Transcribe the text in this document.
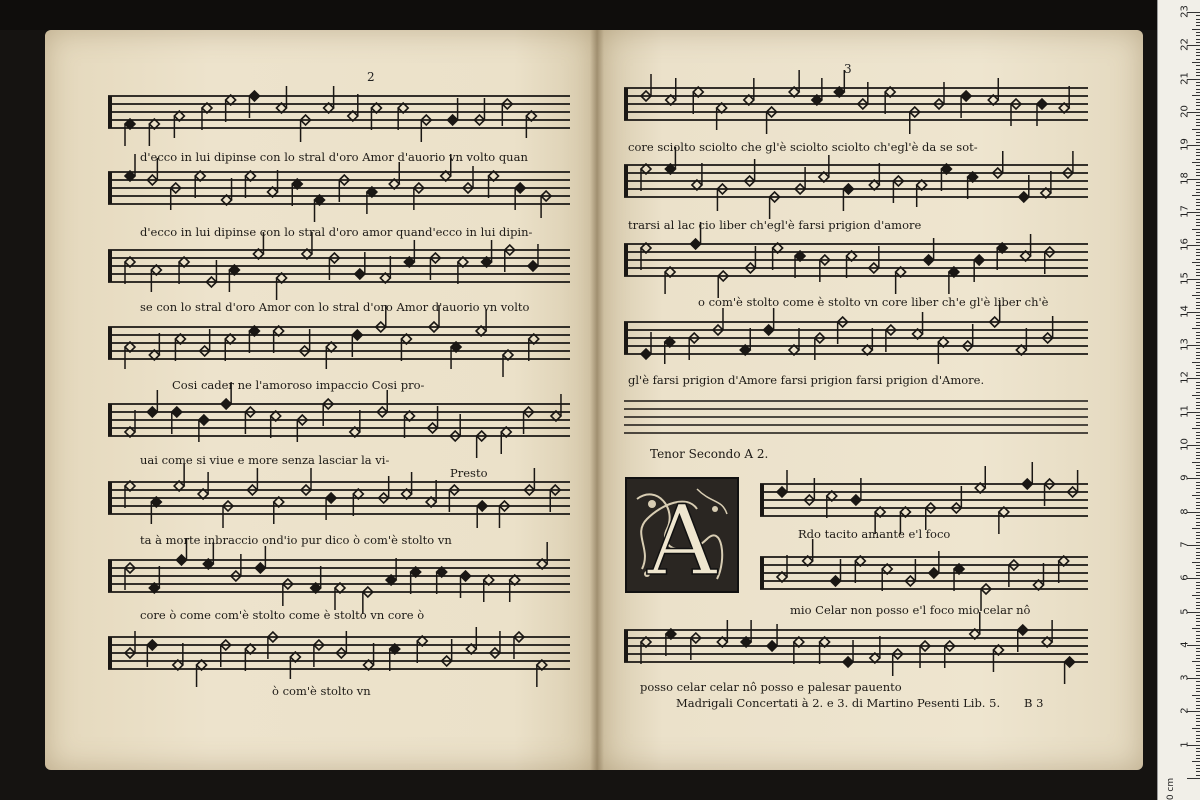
2
3
d'ecco in lui dipinse con lo stral d'oro Amor d'auorio vn volto quan
d'ecco in lui dipinse con lo stral d'oro amor quand'ecco in lui dipin-
se con lo stral d'oro Amor con lo stral d'oro Amor d'auorio vn volto
Cosi cader ne l'amoroso impaccio Cosi pro-
uai come si viue e more senza lasciar la vi-
Presto
ta à morte inbraccio ond'io pur dico ò com'è stolto vn
core ò come com'è stolto come è stolto vn core ò
ò com'è stolto vn
core sciolto sciolto che gl'è sciolto sciolto ch'egl'è da se sot-
trarsi al lac cio liber ch'egl'è farsi prigion d'amore
o com'è stolto come è stolto vn core liber ch'e gl'è liber ch'è
gl'è farsi prigion d'Amore farsi prigion farsi prigion d'Amore.
Tenor Secondo A 2.
A	Rdo tacito amante e'l foco
mio Celar non posso e'l foco mio celar nô
posso celar celar nô posso e palesar pauento
Madrigali Concertati à 2. e 3. di Martino Pesenti Lib. 5. B 3
0 cm
1
2
3
4
5
6
7
8
9
10
11
12
13
14
15
16
17
18
19
20
21
22
23
